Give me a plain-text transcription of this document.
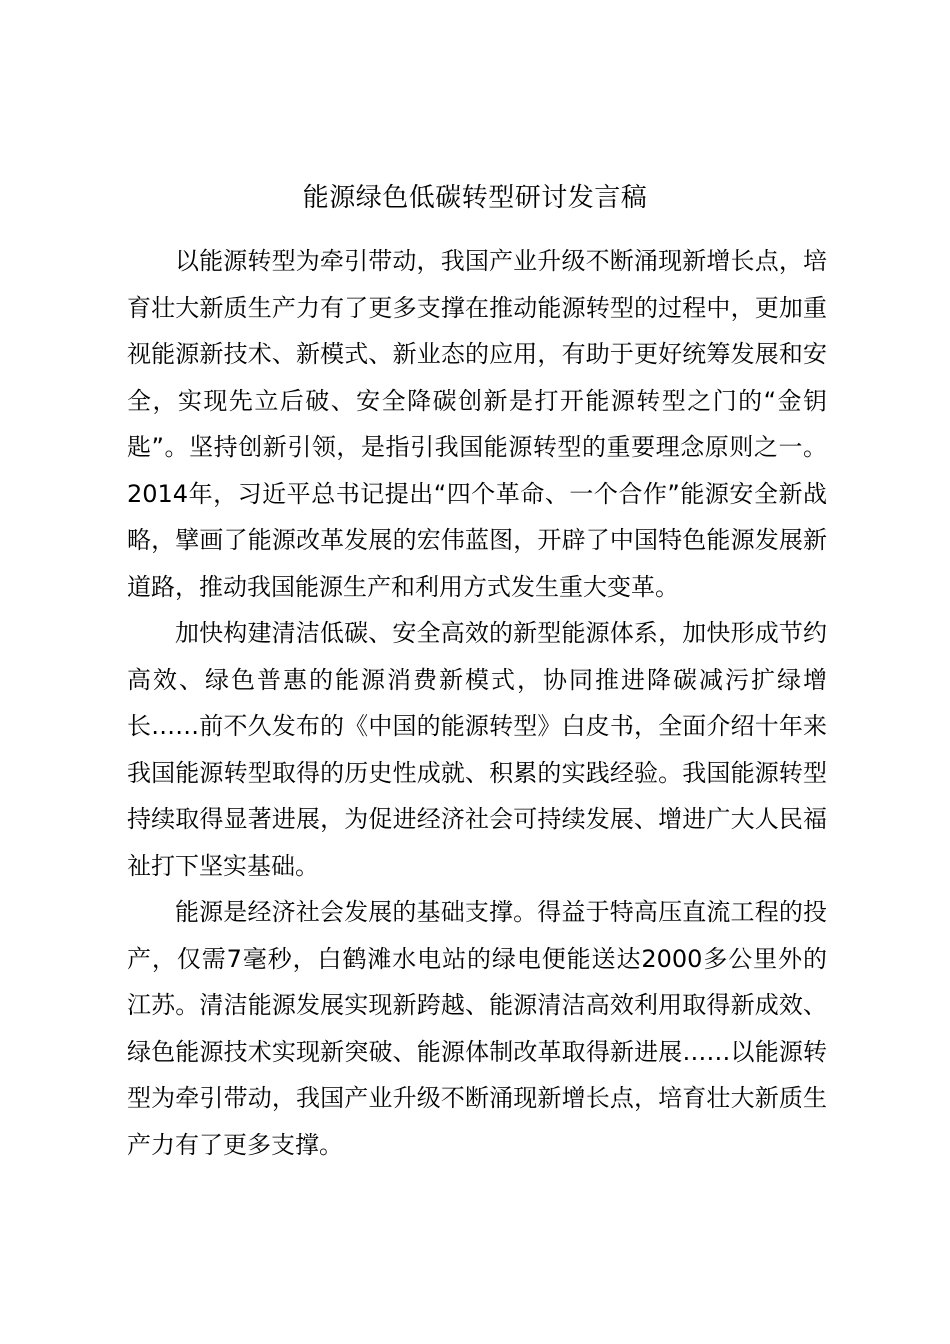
能源绿色低碳转型研讨发言稿

以能源转型为牵引带动，我国产业升级不断涌现新增长点，培育壮大新质生产力有了更多支撑在推动能源转型的过程中，更加重视能源新技术、新模式、新业态的应用，有助于更好统筹发展和安全，实现先立后破、安全降碳创新是打开能源转型之门的“金钥匙”。坚持创新引领，是指引我国能源转型的重要理念原则之一。2014年，习近平总书记提出“四个革命、一个合作”能源安全新战略，擘画了能源改革发展的宏伟蓝图，开辟了中国特色能源发展新道路，推动我国能源生产和利用方式发生重大变革。

加快构建清洁低碳、安全高效的新型能源体系，加快形成节约高效、绿色普惠的能源消费新模式，协同推进降碳减污扩绿增长……前不久发布的《中国的能源转型》白皮书，全面介绍十年来我国能源转型取得的历史性成就、积累的实践经验。我国能源转型持续取得显著进展，为促进经济社会可持续发展、增进广大人民福祉打下坚实基础。

能源是经济社会发展的基础支撑。得益于特高压直流工程的投产，仅需7毫秒，白鹤滩水电站的绿电便能送达2000多公里外的江苏。清洁能源发展实现新跨越、能源清洁高效利用取得新成效、绿色能源技术实现新突破、能源体制改革取得新进展……以能源转型为牵引带动，我国产业升级不断涌现新增长点，培育壮大新质生产力有了更多支撑。
